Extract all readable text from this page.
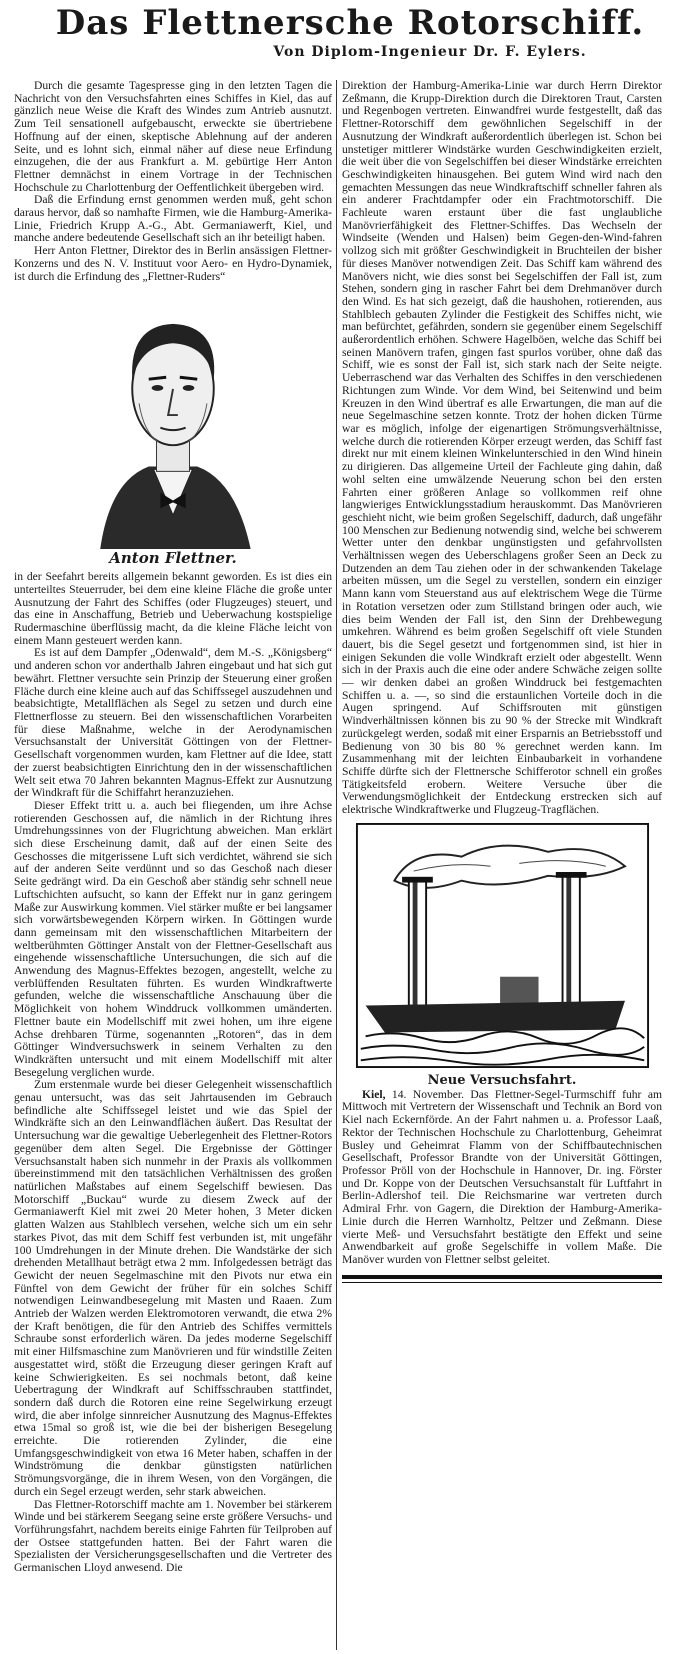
Das Flettnersche Rotorschiff.
Von Diplom-Ingenieur Dr. F. Eylers.

Durch die gesamte Tagespresse ging in den letzten Tagen die Nachricht von den Versuchsfahrten eines Schiffes in Kiel, das auf gänzlich neue Weise die Kraft des Windes zum Antrieb ausnutzt. Zum Teil sensationell aufgebauscht, erweckte sie übertriebene Hoffnung auf der einen, skeptische Ablehnung auf der anderen Seite, und es lohnt sich, einmal näher auf diese neue Erfindung einzugehen, die der aus Frankfurt a. M. gebürtige Herr Anton Flettner demnächst in einem Vortrage in der Technischen Hochschule zu Charlottenburg der Oeffentlichkeit übergeben wird.

Daß die Erfindung ernst genommen werden muß, geht schon daraus hervor, daß so namhafte Firmen, wie die Hamburg-Amerika-Linie, Friedrich Krupp A.-G., Abt. Germaniawerft, Kiel, und manche andere bedeutende Gesellschaft sich an ihr beteiligt haben.

Herr Anton Flettner, Direktor des in Berlin ansässigen Flettner-Konzerns und des N. V. Instituut voor Aero- en Hydro-Dynamiek, ist durch die Erfindung des „Flettner-Ruders“

Anton Flettner.

in der Seefahrt bereits allgemein bekannt geworden. Es ist dies ein unterteiltes Steuerruder, bei dem eine kleine Fläche die große unter Ausnutzung der Fahrt des Schiffes (oder Flugzeuges) steuert, und das eine in Anschaffung, Betrieb und Ueberwachung kostspielige Rudermaschine überflüssig macht, da die kleine Fläche leicht von einem Mann gesteuert werden kann.

Es ist auf dem Dampfer „Odenwald“, dem M.-S. „Königsberg“ und anderen schon vor anderthalb Jahren eingebaut und hat sich gut bewährt. Flettner versuchte sein Prinzip der Steuerung einer großen Fläche durch eine kleine auch auf das Schiffssegel auszudehnen und beabsichtigte, Metallflächen als Segel zu setzen und durch eine Flettnerflosse zu steuern. Bei den wissenschaftlichen Vorarbeiten für diese Maßnahme, welche in der Aerodynamischen Versuchsanstalt der Universität Göttingen von der Flettner-Gesellschaft vorgenommen wurden, kam Flettner auf die Idee, statt der zuerst beabsichtigten Einrichtung den in der wissenschaftlichen Welt seit etwa 70 Jahren bekannten Magnus-Effekt zur Ausnutzung der Windkraft für die Schiffahrt heranzuziehen.

Dieser Effekt tritt u. a. auch bei fliegenden, um ihre Achse rotierenden Geschossen auf, die nämlich in der Richtung ihres Umdrehungssinnes von der Flugrichtung abweichen. Man erklärt sich diese Erscheinung damit, daß auf der einen Seite des Geschosses die mitgerissene Luft sich verdichtet, während sie sich auf der anderen Seite verdünnt und so das Geschoß nach dieser Seite gedrängt wird. Da ein Geschoß aber ständig sehr schnell neue Luftschichten aufsucht, so kann der Effekt nur in ganz geringem Maße zur Auswirkung kommen. Viel stärker mußte er bei langsamer sich vorwärtsbewegenden Körpern wirken. In Göttingen wurde dann gemeinsam mit den wissenschaftlichen Mitarbeitern der weltberühmten Göttinger Anstalt von der Flettner-Gesellschaft aus eingehende wissenschaftliche Untersuchungen, die sich auf die Anwendung des Magnus-Effektes bezogen, angestellt, welche zu verblüffenden Resultaten führten. Es wurden Windkraftwerte gefunden, welche die wissenschaftliche Anschauung über die Möglichkeit von hohem Winddruck vollkommen umänderten. Flettner baute ein Modellschiff mit zwei hohen, um ihre eigene Achse drehbaren Türme, sogenannten „Rotoren“, das in dem Göttinger Windversuchswerk in seinem Verhalten zu den Windkräften untersucht und mit einem Modellschiff mit alter Besegelung verglichen wurde.

Zum erstenmale wurde bei dieser Gelegenheit wissenschaftlich genau untersucht, was das seit Jahrtausenden im Gebrauch befindliche alte Schiffssegel leistet und wie das Spiel der Windkräfte sich an den Leinwandflächen äußert. Das Resultat der Untersuchung war die gewaltige Ueberlegenheit des Flettner-Rotors gegenüber dem alten Segel. Die Ergebnisse der Göttinger Versuchsanstalt haben sich nunmehr in der Praxis als vollkommen übereinstimmend mit den tatsächlichen Verhältnissen des großen natürlichen Maßstabes auf einem Segelschiff bewiesen. Das Motorschiff „Buckau“ wurde zu diesem Zweck auf der Germaniawerft Kiel mit zwei 20 Meter hohen, 3 Meter dicken glatten Walzen aus Stahlblech versehen, welche sich um ein sehr starkes Pivot, das mit dem Schiff fest verbunden ist, mit ungefähr 100 Umdrehungen in der Minute drehen. Die Wandstärke der sich drehenden Metallhaut beträgt etwa 2 mm. Infolgedessen beträgt das Gewicht der neuen Segelmaschine mit den Pivots nur etwa ein Fünftel von dem Gewicht der früher für ein solches Schiff notwendigen Leinwandbesegelung mit Masten und Raaen. Zum Antrieb der Walzen werden Elektromotoren verwandt, die etwa 2% der Kraft benötigen, die für den Antrieb des Schiffes vermittels Schraube sonst erforderlich wären. Da jedes moderne Segelschiff mit einer Hilfsmaschine zum Manövrieren und für windstille Zeiten ausgestattet wird, stößt die Erzeugung dieser geringen Kraft auf keine Schwierigkeiten. Es sei nochmals betont, daß keine Uebertragung der Windkraft auf Schiffsschrauben stattfindet, sondern daß durch die Rotoren eine reine Segelwirkung erzeugt wird, die aber infolge sinnreicher Ausnutzung des Magnus-Effektes etwa 15mal so groß ist, wie die bei der bisherigen Besegelung erreichte. Die rotierenden Zylinder, die eine Umfangsgeschwindigkeit von etwa 16 Meter haben, schaffen in der Windströmung die denkbar günstigsten natürlichen Strömungsvorgänge, die in ihrem Wesen, von den Vorgängen, die durch ein Segel erzeugt werden, sehr stark abweichen.

Das Flettner-Rotorschiff machte am 1. November bei stärkerem Winde und bei stärkerem Seegang seine erste größere Versuchs- und Vorführungsfahrt, nachdem bereits einige Fahrten für Teilproben auf der Ostsee stattgefunden hatten. Bei der Fahrt waren die Spezialisten der Versicherungsgesellschaften und die Vertreter des Germanischen Lloyd anwesend. Die

Direktion der Hamburg-Amerika-Linie war durch Herrn Direktor Zeßmann, die Krupp-Direktion durch die Direktoren Traut, Carsten und Regenbogen vertreten. Einwandfrei wurde festgestellt, daß das Flettner-Rotorschiff dem gewöhnlichen Segelschiff in der Ausnutzung der Windkraft außerordentlich überlegen ist. Schon bei unstetiger mittlerer Windstärke wurden Geschwindigkeiten erzielt, die weit über die von Segelschiffen bei dieser Windstärke erreichten Geschwindigkeiten hinausgehen. Bei gutem Wind wird nach den gemachten Messungen das neue Windkraftschiff schneller fahren als ein anderer Frachtdampfer oder ein Frachtmotorschiff. Die Fachleute waren erstaunt über die fast unglaubliche Manövrierfähigkeit des Flettner-Schiffes. Das Wechseln der Windseite (Wenden und Halsen) beim Gegen-den-Wind-fahren vollzog sich mit größter Geschwindigkeit in Bruchteilen der bisher für dieses Manöver notwendigen Zeit. Das Schiff kam während des Manövers nicht, wie dies sonst bei Segelschiffen der Fall ist, zum Stehen, sondern ging in rascher Fahrt bei dem Drehmanöver durch den Wind. Es hat sich gezeigt, daß die haushohen, rotierenden, aus Stahlblech gebauten Zylinder die Festigkeit des Schiffes nicht, wie man befürchtet, gefährden, sondern sie gegenüber einem Segelschiff außerordentlich erhöhen. Schwere Hagelböen, welche das Schiff bei seinen Manövern trafen, gingen fast spurlos vorüber, ohne daß das Schiff, wie es sonst der Fall ist, sich stark nach der Seite neigte. Ueberraschend war das Verhalten des Schiffes in den verschiedenen Richtungen zum Winde. Vor dem Wind, bei Seitenwind und beim Kreuzen in den Wind übertraf es alle Erwartungen, die man auf die neue Segelmaschine setzen konnte. Trotz der hohen dicken Türme war es möglich, infolge der eigenartigen Strömungsverhältnisse, welche durch die rotierenden Körper erzeugt werden, das Schiff fast direkt nur mit einem kleinen Winkelunterschied in den Wind hinein zu dirigieren. Das allgemeine Urteil der Fachleute ging dahin, daß wohl selten eine umwälzende Neuerung schon bei den ersten Fahrten einer größeren Anlage so vollkommen reif ohne langwieriges Entwicklungsstadium herauskommt. Das Manövrieren geschieht nicht, wie beim großen Segelschiff, dadurch, daß ungefähr 100 Menschen zur Bedienung notwendig sind, welche bei schwerem Wetter unter den denkbar ungünstigsten und gefahrvollsten Verhältnissen wegen des Ueberschlagens großer Seen an Deck zu Dutzenden an dem Tau ziehen oder in der schwankenden Takelage arbeiten müssen, um die Segel zu verstellen, sondern ein einziger Mann kann vom Steuerstand aus auf elektrischem Wege die Türme in Rotation versetzen oder zum Stillstand bringen oder auch, wie dies beim Wenden der Fall ist, den Sinn der Drehbewegung umkehren. Während es beim großen Segelschiff oft viele Stunden dauert, bis die Segel gesetzt und fortgenommen sind, ist hier in einigen Sekunden die volle Windkraft erzielt oder abgestellt. Wenn sich in der Praxis auch die eine oder andere Schwäche zeigen sollte — wir denken dabei an großen Winddruck bei festgemachten Schiffen u. a. —, so sind die erstaunlichen Vorteile doch in die Augen springend. Auf Schiffsrouten mit günstigen Windverhältnissen können bis zu 90 % der Strecke mit Windkraft zurückgelegt werden, sodaß mit einer Ersparnis an Betriebsstoff und Bedienung von 30 bis 80 % gerechnet werden kann. Im Zusammenhang mit der leichten Einbaubarkeit in vorhandene Schiffe dürfte sich der Flettnersche Schifferotor schnell ein großes Tätigkeitsfeld erobern. Weitere Versuche über die Verwendungsmöglichkeit der Entdeckung erstrecken sich auf elektrische Windkraftwerke und Flugzeug-Tragflächen.

Neue Versuchsfahrt.

Kiel, 14. November. Das Flettner-Segel-Turmschiff fuhr am Mittwoch mit Vertretern der Wissenschaft und Technik an Bord von Kiel nach Eckernförde. An der Fahrt nahmen u. a. Professor Laaß, Rektor der Technischen Hochschule zu Charlottenburg, Geheimrat Busley und Geheimrat Flamm von der Schiffbautechnischen Gesellschaft, Professor Brandte von der Universität Göttingen, Professor Pröll von der Hochschule in Hannover, Dr. ing. Förster und Dr. Koppe von der Deutschen Versuchsanstalt für Luftfahrt in Berlin-Adlershof teil. Die Reichsmarine war vertreten durch Admiral Frhr. von Gagern, die Direktion der Hamburg-Amerika-Linie durch die Herren Warnholtz, Peltzer und Zeßmann. Diese vierte Meß- und Versuchsfahrt bestätigte den Effekt und seine Anwendbarkeit auf große Segelschiffe in vollem Maße. Die Manöver wurden von Flettner selbst geleitet.
